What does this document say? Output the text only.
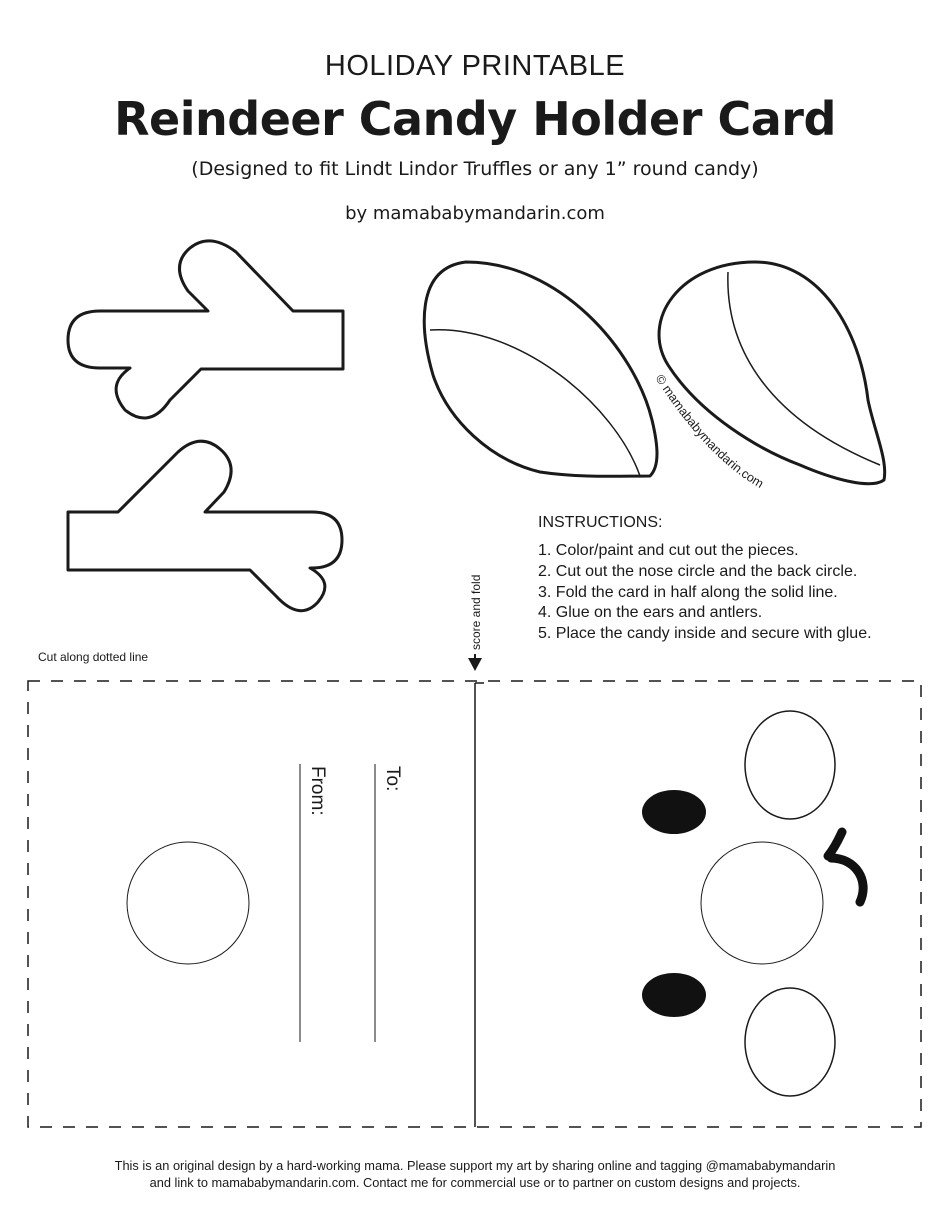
HOLIDAY PRINTABLE
Reindeer Candy Holder Card
(Designed to fit Lindt Lindor Truffles or any 1” round candy)
by mamababymandarin.com
© mamababymandarin.com
score and fold
To:
From:
INSTRUCTIONS:
1. Color/paint and cut out the pieces.
2. Cut out the nose circle and the back circle.
3. Fold the card in half along the solid line.
4. Glue on the ears and antlers.
5. Place the candy inside and secure with glue.
Cut along dotted line
This is an original design by a hard-working mama. Please support my art by sharing online and tagging @mamababymandarin
and link to mamababymandarin.com. Contact me for commercial use or to partner on custom designs and projects.
